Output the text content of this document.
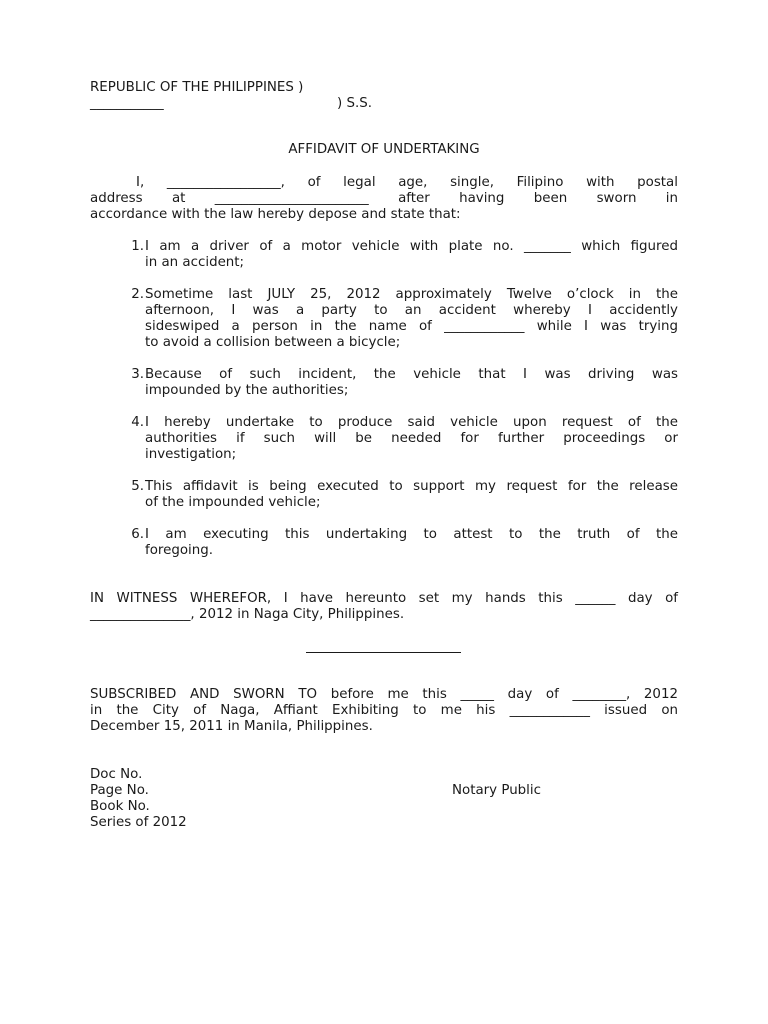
REPUBLIC OF THE PHILIPPINES )
___________	) S.S.
AFFIDAVIT OF UNDERTAKING
I, _________________, of legal age, single, Filipino with postal
address at _______________________ after having been sworn in
accordance with the law hereby depose and state that:
1. I am a driver of a motor vehicle with plate no. _______ which figured
in an accident;
2. Sometime last JULY 25, 2012 approximately Twelve o’clock in the
afternoon, I was a party to an accident whereby I accidently
sideswiped a person in the name of ____________ while I was trying
to avoid a collision between a bicycle;
3. Because of such incident, the vehicle that I was driving was
impounded by the authorities;
4. I hereby undertake to produce said vehicle upon request of the
authorities if such will be needed for further proceedings or
investigation;
5. This affidavit is being executed to support my request for the release
of the impounded vehicle;
6. I am executing this undertaking to attest to the truth of the
foregoing.
IN WITNESS WHEREFOR, I have hereunto set my hands this ______ day of
_______________, 2012 in Naga City, Philippines.
SUBSCRIBED AND SWORN TO before me this _____ day of ________, 2012
in the City of Naga, Affiant Exhibiting to me his ____________ issued on
December 15, 2011 in Manila, Philippines.
Doc No.
Page No.	Notary Public
Book No.
Series of 2012
